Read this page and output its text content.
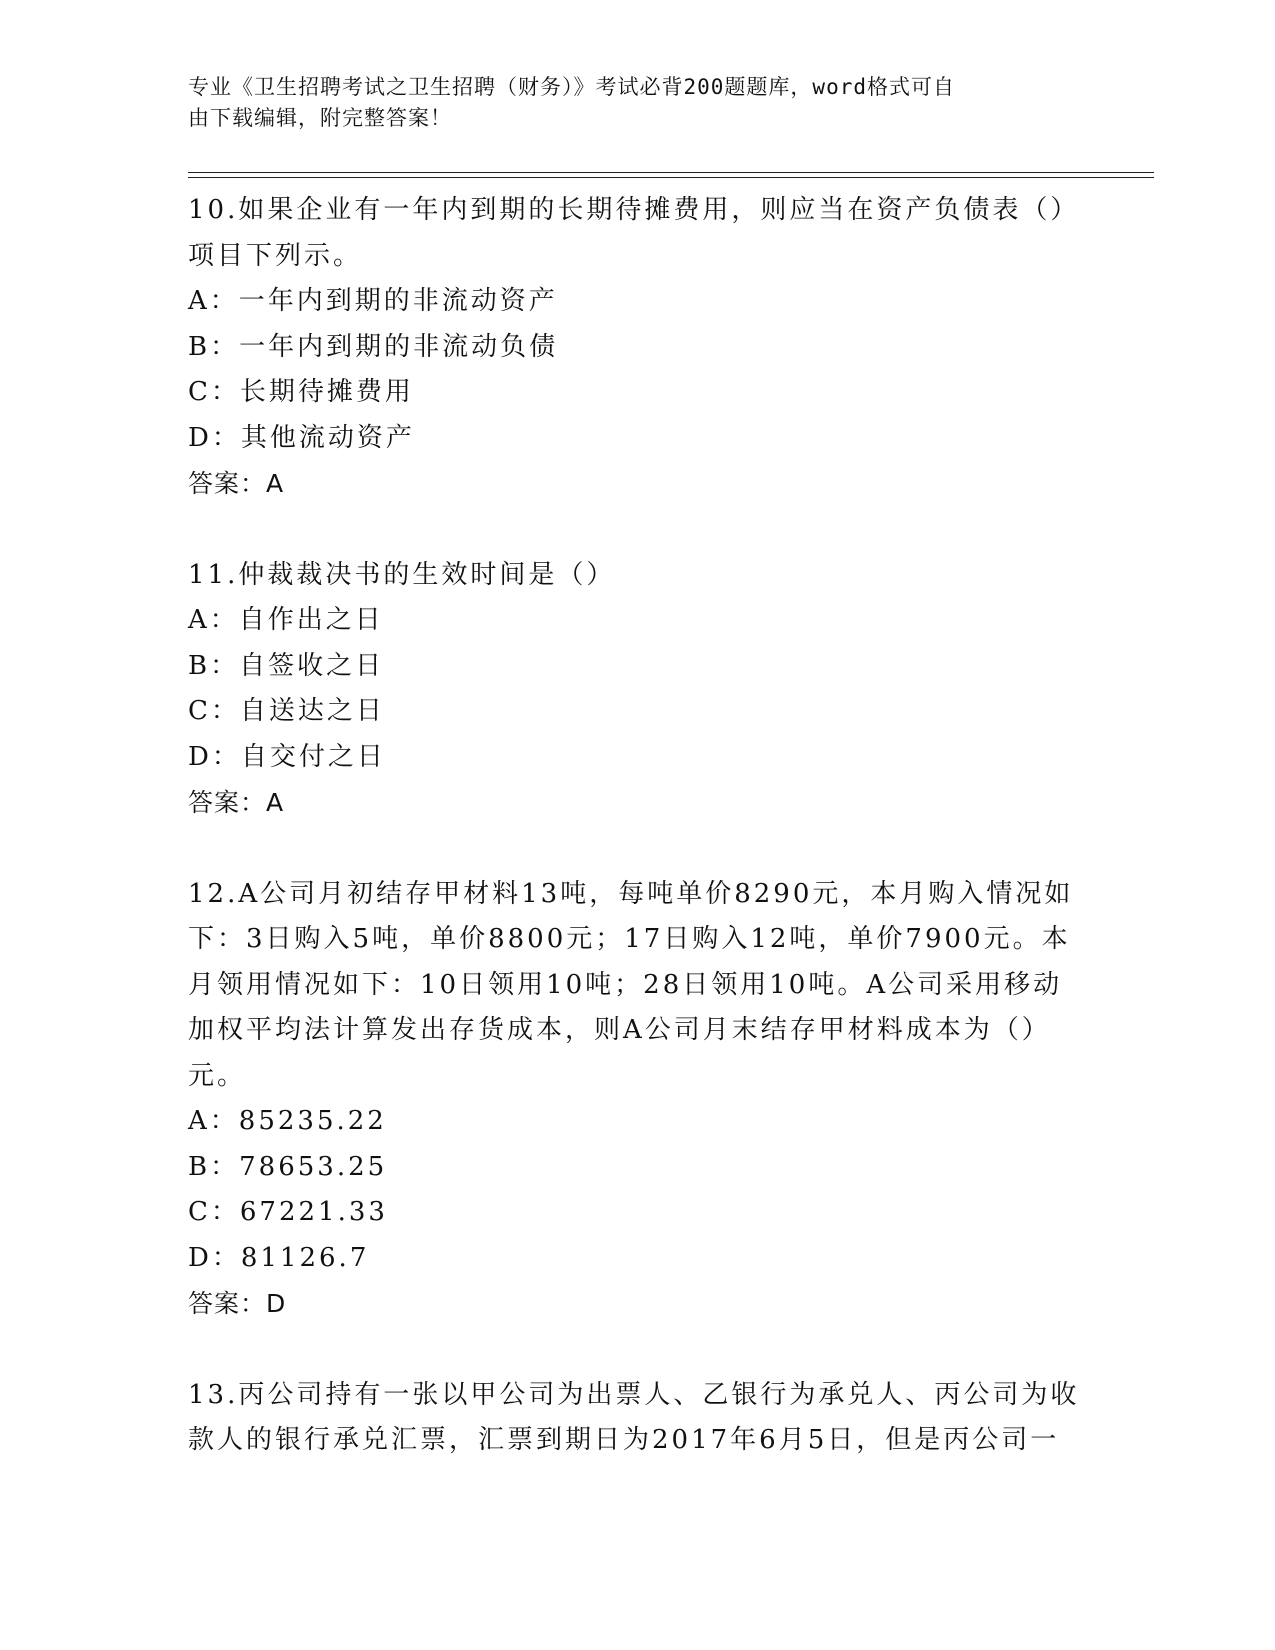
专业《卫生招聘考试之卫生招聘（财务）》考试必背200题题库，word格式可自
由下载编辑，附完整答案！
10.如果企业有一年内到期的长期待摊费用，则应当在资产负债表（）项目下列示。
A：一年内到期的非流动资产
B：一年内到期的非流动负债
C：长期待摊费用
D：其他流动资产
答案：A
11.仲裁裁决书的生效时间是（）
A：自作出之日
B：自签收之日
C：自送达之日
D：自交付之日
答案：A
12.A公司月初结存甲材料13吨，每吨单价8290元，本月购入情况如下：3日购入5吨，单价8800元；17日购入12吨，单价7900元。本月领用情况如下：10日领用10吨；28日领用10吨。A公司采用移动加权平均法计算发出存货成本，则A公司月末结存甲材料成本为（）元。
A：85235.22
B：78653.25
C：67221.33
D：81126.7
答案：D
13.丙公司持有一张以甲公司为出票人、乙银行为承兑人、丙公司为收款人的银行承兑汇票，汇票到期日为2017年6月5日，但是丙公司一
